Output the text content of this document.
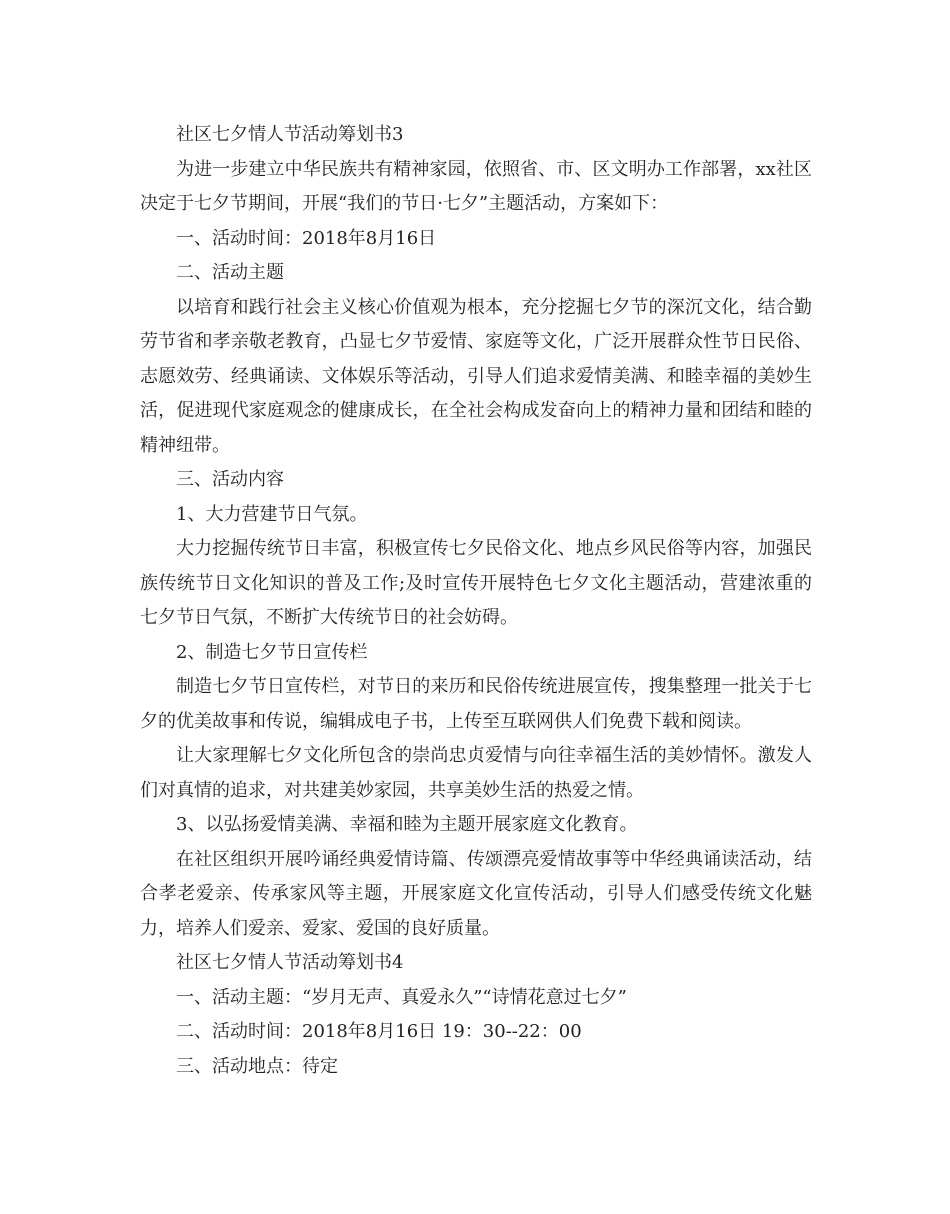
社区七夕情人节活动筹划书3

为进一步建立中华民族共有精神家园，依照省、市、区文明办工作部署，xx社区决定于七夕节期间，开展“我们的节日·七夕”主题活动，方案如下：

一、活动时间：2018年8月16日

二、活动主题

以培育和践行社会主义核心价值观为根本，充分挖掘七夕节的深沉文化，结合勤劳节省和孝亲敬老教育，凸显七夕节爱情、家庭等文化，广泛开展群众性节日民俗、志愿效劳、经典诵读、文体娱乐等活动，引导人们追求爱情美满、和睦幸福的美妙生活，促进现代家庭观念的健康成长，在全社会构成发奋向上的精神力量和团结和睦的精神纽带。

三、活动内容

1、大力营建节日气氛。

大力挖掘传统节日丰富，积极宣传七夕民俗文化、地点乡风民俗等内容，加强民族传统节日文化知识的普及工作;及时宣传开展特色七夕文化主题活动，营建浓重的七夕节日气氛，不断扩大传统节日的社会妨碍。

2、制造七夕节日宣传栏

制造七夕节日宣传栏，对节日的来历和民俗传统进展宣传，搜集整理一批关于七夕的优美故事和传说，编辑成电子书，上传至互联网供人们免费下载和阅读。

让大家理解七夕文化所包含的崇尚忠贞爱情与向往幸福生活的美妙情怀。激发人们对真情的追求，对共建美妙家园，共享美妙生活的热爱之情。

3、以弘扬爱情美满、幸福和睦为主题开展家庭文化教育。

在社区组织开展吟诵经典爱情诗篇、传颂漂亮爱情故事等中华经典诵读活动，结合孝老爱亲、传承家风等主题，开展家庭文化宣传活动，引导人们感受传统文化魅力，培养人们爱亲、爱家、爱国的良好质量。

社区七夕情人节活动筹划书4

一、活动主题：“岁月无声、真爱永久”“诗情花意过七夕”

二、活动时间：2018年8月16日 19：30--22：00

三、活动地点：待定
